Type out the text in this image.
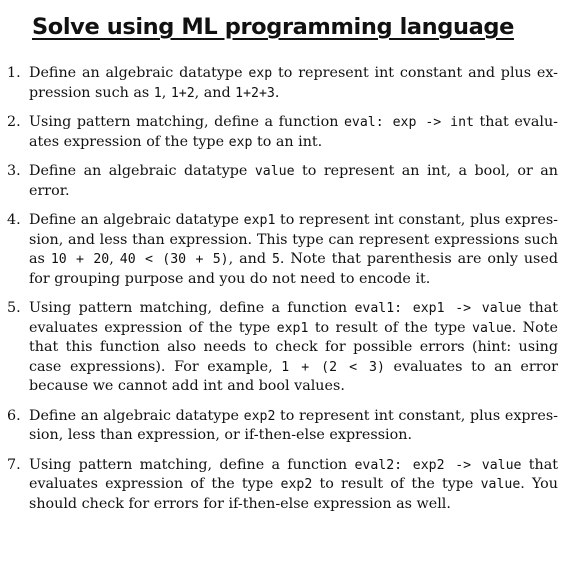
Solve using ML programming language
1. Define an algebraic datatype exp to represent int constant and plus ex-pression such as 1, 1+2, and 1+2+3.
2. Using pattern matching, define a function eval: exp -> int that evalu-ates expression of the type exp to an int.
3. Define an algebraic datatype value to represent an int, a bool, or an error.
4. Define an algebraic datatype exp1 to represent int constant, plus expres-sion, and less than expression. This type can represent expressions such as 10 + 20, 40 < (30 + 5), and 5. Note that parenthesis are only used for grouping purpose and you do not need to encode it.
5. Using pattern matching, define a function eval1: exp1 -> value that evaluates expression of the type exp1 to result of the type value. Note that this function also needs to check for possible errors (hint: using case expressions). For example, 1 + (2 < 3) evaluates to an error because we cannot add int and bool values.
6. Define an algebraic datatype exp2 to represent int constant, plus expres-sion, less than expression, or if-then-else expression.
7. Using pattern matching, define a function eval2: exp2 -> value that evaluates expression of the type exp2 to result of the type value. You should check for errors for if-then-else expression as well.
